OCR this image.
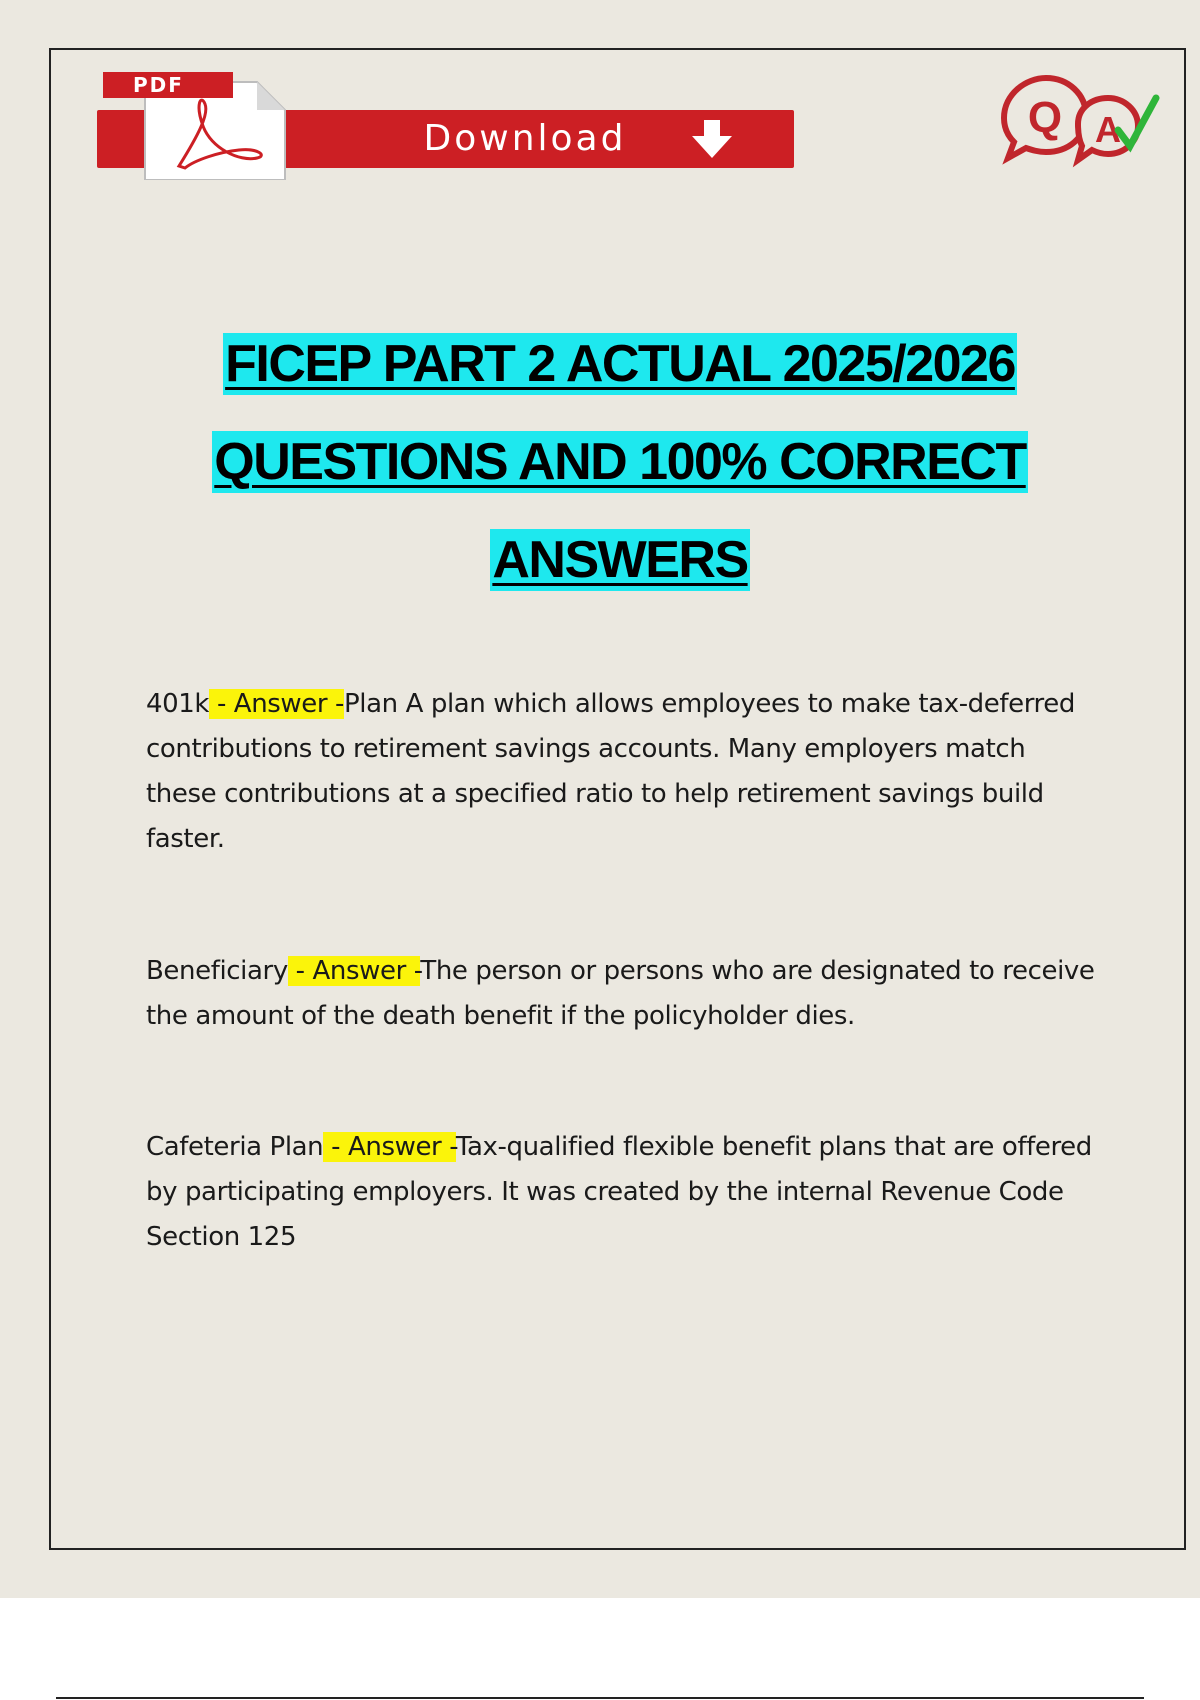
Download
PDF
Q A
FICEP PART 2 ACTUAL 2025/2026
QUESTIONS AND 100% CORRECT
ANSWERS
401k - Answer -Plan A plan which allows employees to make tax-deferred contributions to retirement savings accounts. Many employers match these contributions at a specified ratio to help retirement savings build faster.
Beneficiary - Answer -The person or persons who are designated to receive the amount of the death benefit if the policyholder dies.
Cafeteria Plan - Answer -Tax-qualified flexible benefit plans that are offered by participating employers. It was created by the internal Revenue Code Section 125
